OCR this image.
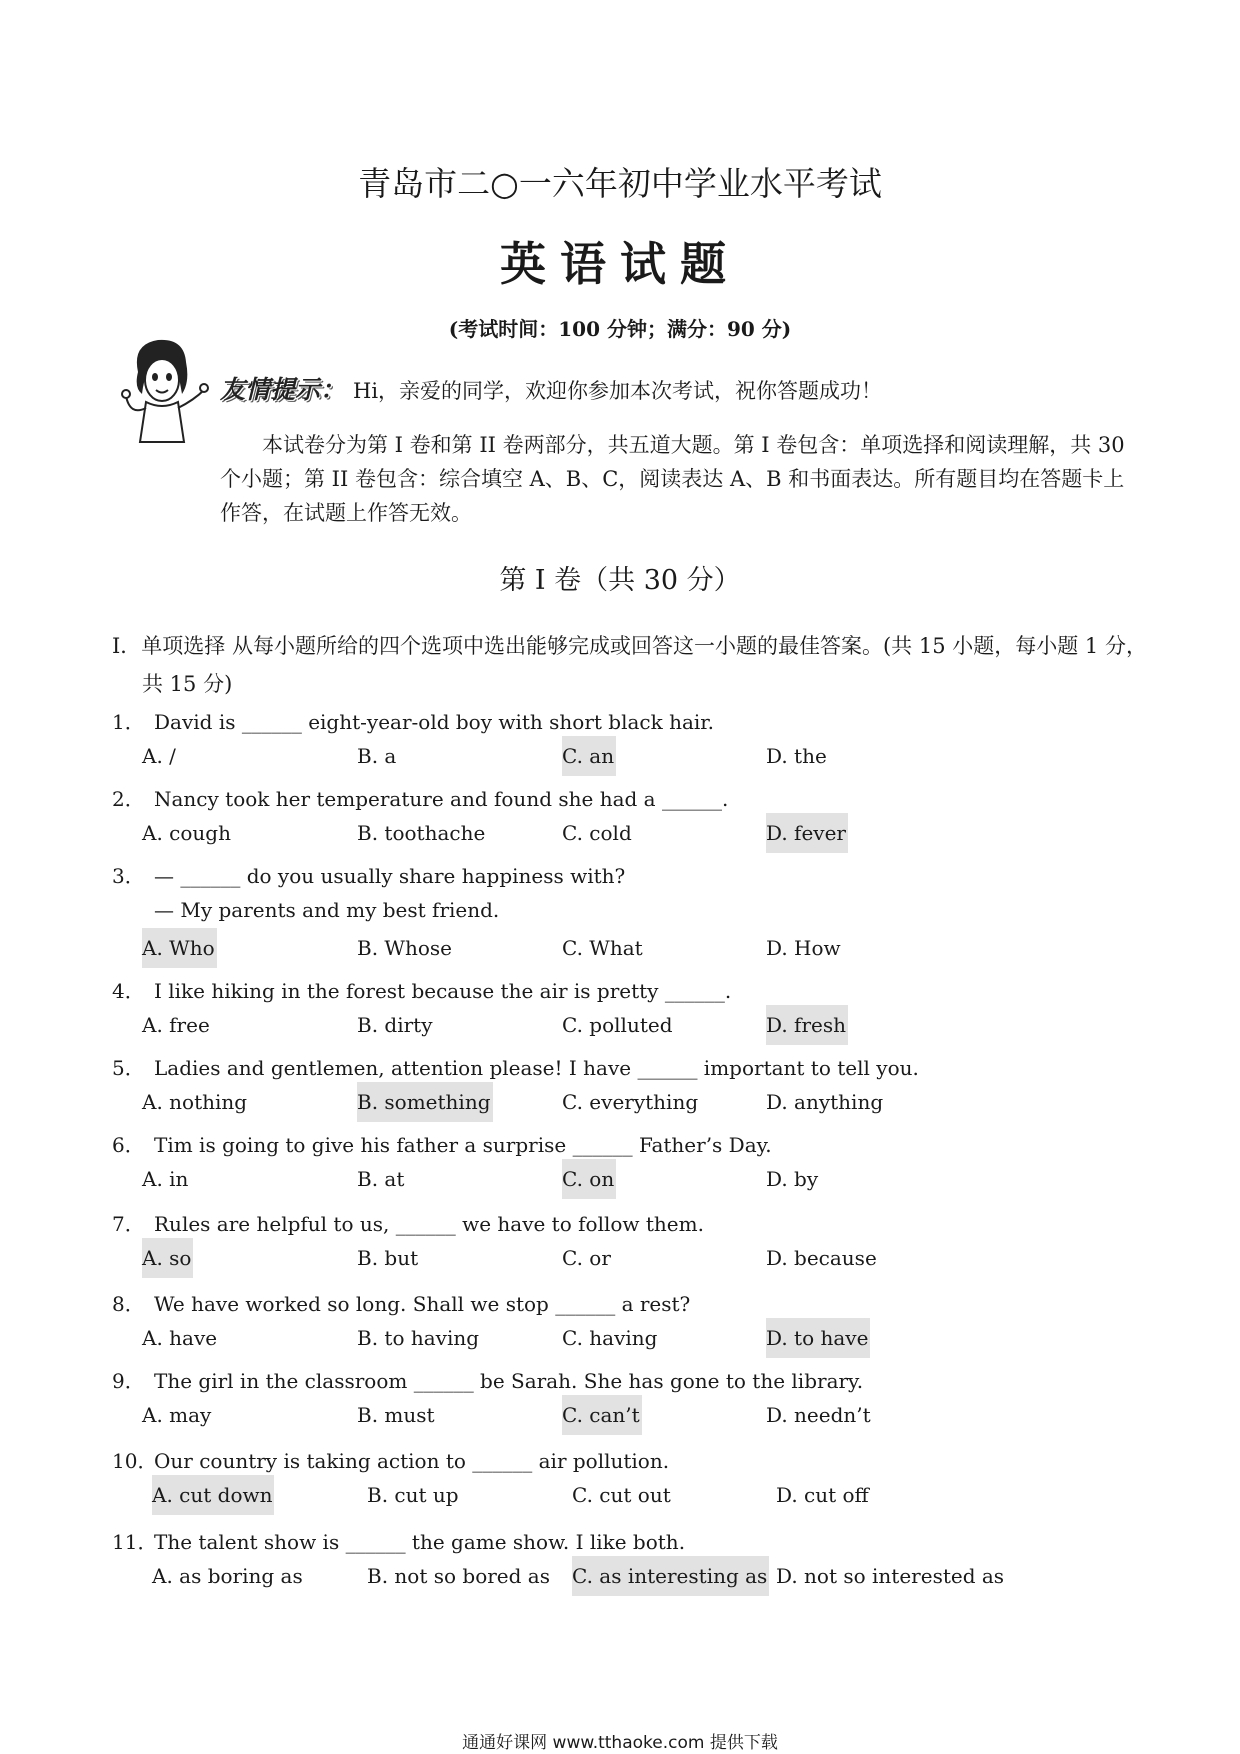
青岛市二○一六年初中学业水平考试
英语试题
(考试时间：100 分钟；满分：90 分)
友情提示： Hi，亲爱的同学，欢迎你参加本次考试，祝你答题成功！
本试卷分为第 I 卷和第 II 卷两部分，共五道大题。第 I 卷包含：单项选择和阅读理解，共 30 个小题；第 II 卷包含：综合填空 A、B、C，阅读表达 A、B 和书面表达。所有题目均在答题卡上作答，在试题上作答无效。
第 I 卷（共 30 分）
I．单项选择 从每小题所给的四个选项中选出能够完成或回答这一小题的最佳答案。(共 15 小题，每小题 1 分，
共 15 分)
1． David is ______ eight-year-old boy with short black hair.
A. /	B. a	C. an	D. the
2． Nancy took her temperature and found she had a ______.
A. cough	B. toothache	C. cold	D. fever
3． — ______ do you usually share happiness with?
— My parents and my best friend.
A. Who	B. Whose	C. What	D. How
4． I like hiking in the forest because the air is pretty ______.
A. free	B. dirty	C. polluted	D. fresh
5． Ladies and gentlemen, attention please! I have ______ important to tell you.
A. nothing	B. something	C. everything	D. anything
6． Tim is going to give his father a surprise ______ Father’s Day.
A. in	B. at	C. on	D. by
7． Rules are helpful to us, ______ we have to follow them.
A. so	B. but	C. or	D. because
8． We have worked so long. Shall we stop ______ a rest?
A. have	B. to having	C. having	D. to have
9． The girl in the classroom ______ be Sarah. She has gone to the library.
A. may	B. must	C. can’t	D. needn’t
10．Our country is taking action to ______ air pollution.
A. cut down	B. cut up	C. cut out	D. cut off
11．The talent show is ______ the game show. I like both.
A. as boring as	B. not so bored as C. as interesting as D. not so interested as
通通好课网 www.tthaoke.com 提供下载
